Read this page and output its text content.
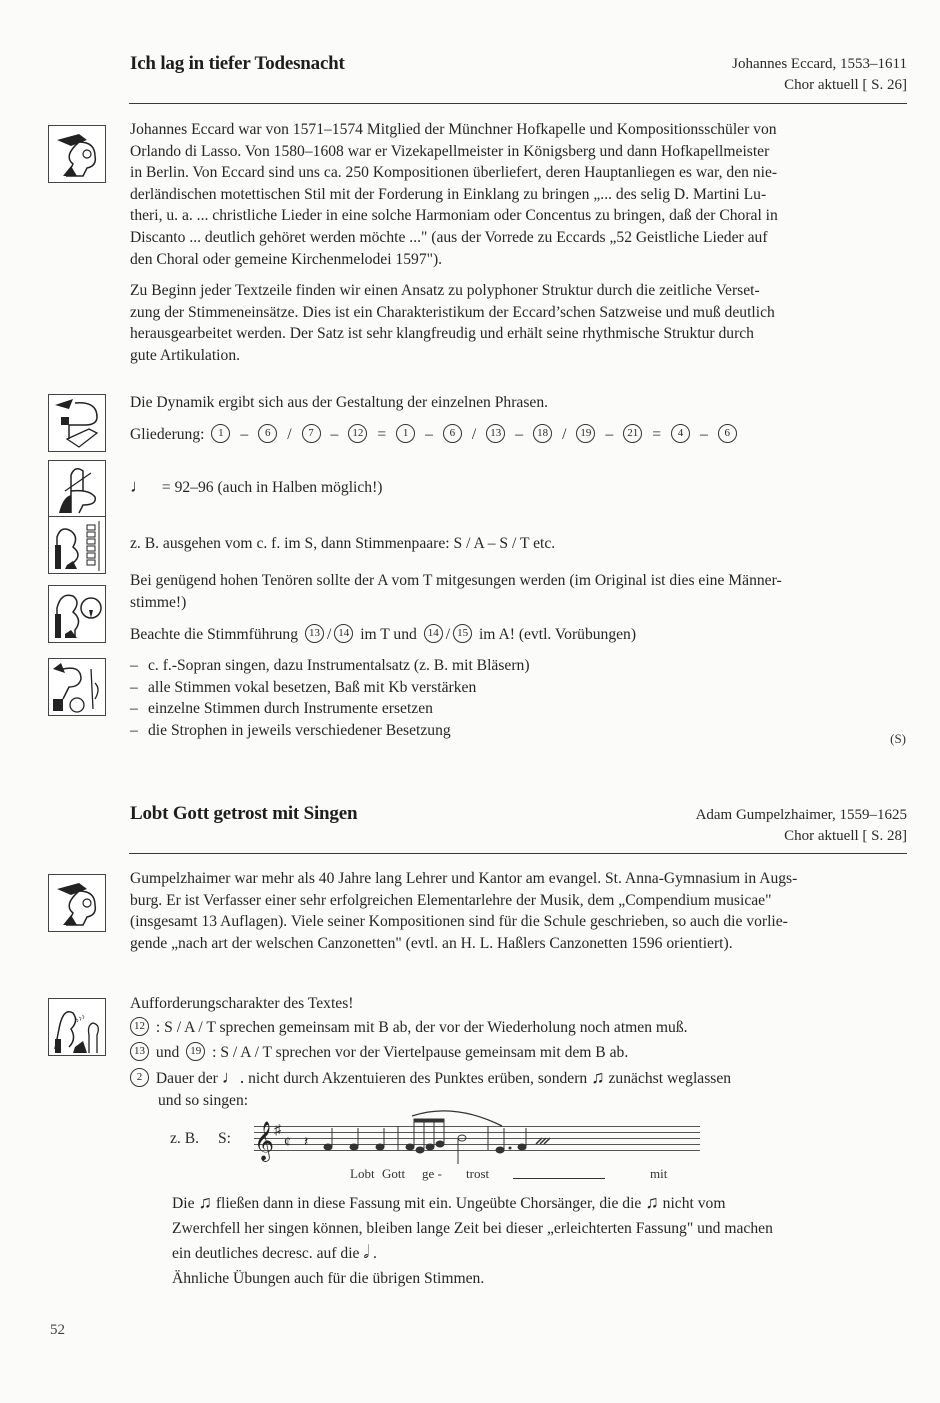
Ich lag in tiefer Todesnacht	Johannes Eccard, 1553–1611
Chor aktuell [ S. 26]
Johannes Eccard war von 1571–1574 Mitglied der Münchner Hofkapelle und Kompositionsschüler von
Orlando di Lasso. Von 1580–1608 war er Vizekapellmeister in Königsberg und dann Hofkapellmeister
in Berlin. Von Eccard sind uns ca. 250 Kompositionen überliefert, deren Hauptanliegen es war, den nie-
derländischen motettischen Stil mit der Forderung in Einklang zu bringen „... des selig D. Martini Lu-
theri, u. a. ... christliche Lieder in eine solche Harmoniam oder Concentus zu bringen, daß der Choral in
Discanto ... deutlich gehöret werden möchte ..." (aus der Vorrede zu Eccards „52 Geistliche Lieder auf
den Choral oder gemeine Kirchenmelodei 1597").
Zu Beginn jeder Textzeile finden wir einen Ansatz zu polyphoner Struktur durch die zeitliche Verset-
zung der Stimmeneinsätze. Dies ist ein Charakteristikum der Eccard’schen Satzweise und muß deutlich
herausgearbeitet werden. Der Satz ist sehr klangfreudig und erhält seine rhythmische Struktur durch
gute Artikulation.
Die Dynamik ergibt sich aus der Gestaltung der einzelnen Phrasen.
Gliederung: 1 – 6 / 7 – 12 = 1 – 6 / 13 – 18 / 19 – 21 = 4 – 6
♩ = 92–96 (auch in Halben möglich!)
z. B. ausgehen vom c. f. im S, dann Stimmenpaare: S / A – S / T etc.
Bei genügend hohen Tenören sollte der A vom T mitgesungen werden (im Original ist dies eine Männer-
stimme!)
Beachte die Stimmführung 13 / 14 im T und 14 / 15 im A! (evtl. Vorübungen)
– c. f.-Sopran singen, dazu Instrumentalsatz (z. B. mit Bläsern)
– alle Stimmen vokal besetzen, Baß mit Kb verstärken
– einzelne Stimmen durch Instrumente ersetzen
– die Strophen in jeweils verschiedener Besetzung	(S)
Lobt Gott getrost mit Singen	Adam Gumpelzhaimer, 1559–1625
Chor aktuell [ S. 28]
Gumpelzhaimer war mehr als 40 Jahre lang Lehrer und Kantor am evangel. St. Anna-Gymnasium in Augs-
burg. Er ist Verfasser einer sehr erfolgreichen Elementarlehre der Musik, dem „Compendium musicae"
(insgesamt 13 Auflagen). Viele seiner Kompositionen sind für die Schule geschrieben, so auch die vorlie-
gende „nach art der welschen Canzonetten" (evtl. an H. L. Haßlers Canzonetten 1596 orientiert).
♪♪♪
Aufforderungscharakter des Textes!
12 : S / A / T sprechen gemeinsam mit B ab, der vor der Wiederholung noch atmen muß.
13 und 19 : S / A / T sprechen vor der Viertelpause gemeinsam mit dem B ab.
2 Dauer der ♩. nicht durch Akzentuieren des Punktes erüben, sondern ♫ zunächst weglassen
und so singen:
z. B. S: 𝄞 ♯
¢ 𝄽
Lobt Gott ge - trost	mit
Die ♫ fließen dann in diese Fassung mit ein. Ungeübte Chorsänger, die die ♫ nicht vom
Zwerchfell her singen können, bleiben lange Zeit bei dieser „erleichterten Fassung" und machen
ein deutliches decresc. auf die 𝅗𝅥 .
Ähnliche Übungen auch für die übrigen Stimmen.
52
